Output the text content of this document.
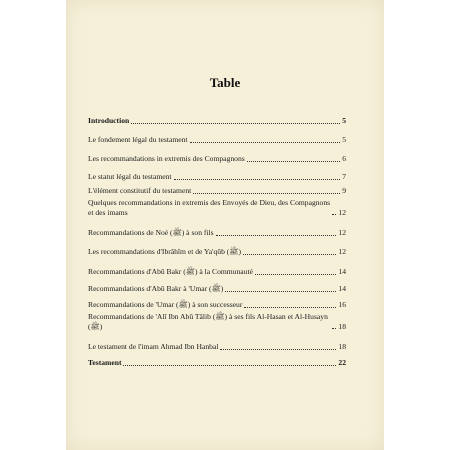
Table
Introduction	5
Le fondement légal du testament	5
Les recommandations in extremis des Compagnons	6
Le statut légal du testament	7
L'élément constitutif du testament	9
Quelques recommandations in extremis des Envoyés de Dieu, des Compagnons et des imams	12
Recommandations de Noé (ﷺ) à son fils	12
Les recommandations d'Ibrâhîm et de Ya'qûb (ﷺ)	12
Recommandations d'Abû Bakr (ﷺ) à la Communauté	14
Recommandations d'Abû Bakr à 'Umar (ﷺ)	14
Recommandations de 'Umar (ﷺ) à son successeur	16
Recommandations de 'Alî Ibn Abû Tâlib (ﷺ) à ses fils Al-Hasan et Al-Husayn (ﷺ)	18
Le testament de l'imam Ahmad Ibn Hanbal	18
Testament	22
